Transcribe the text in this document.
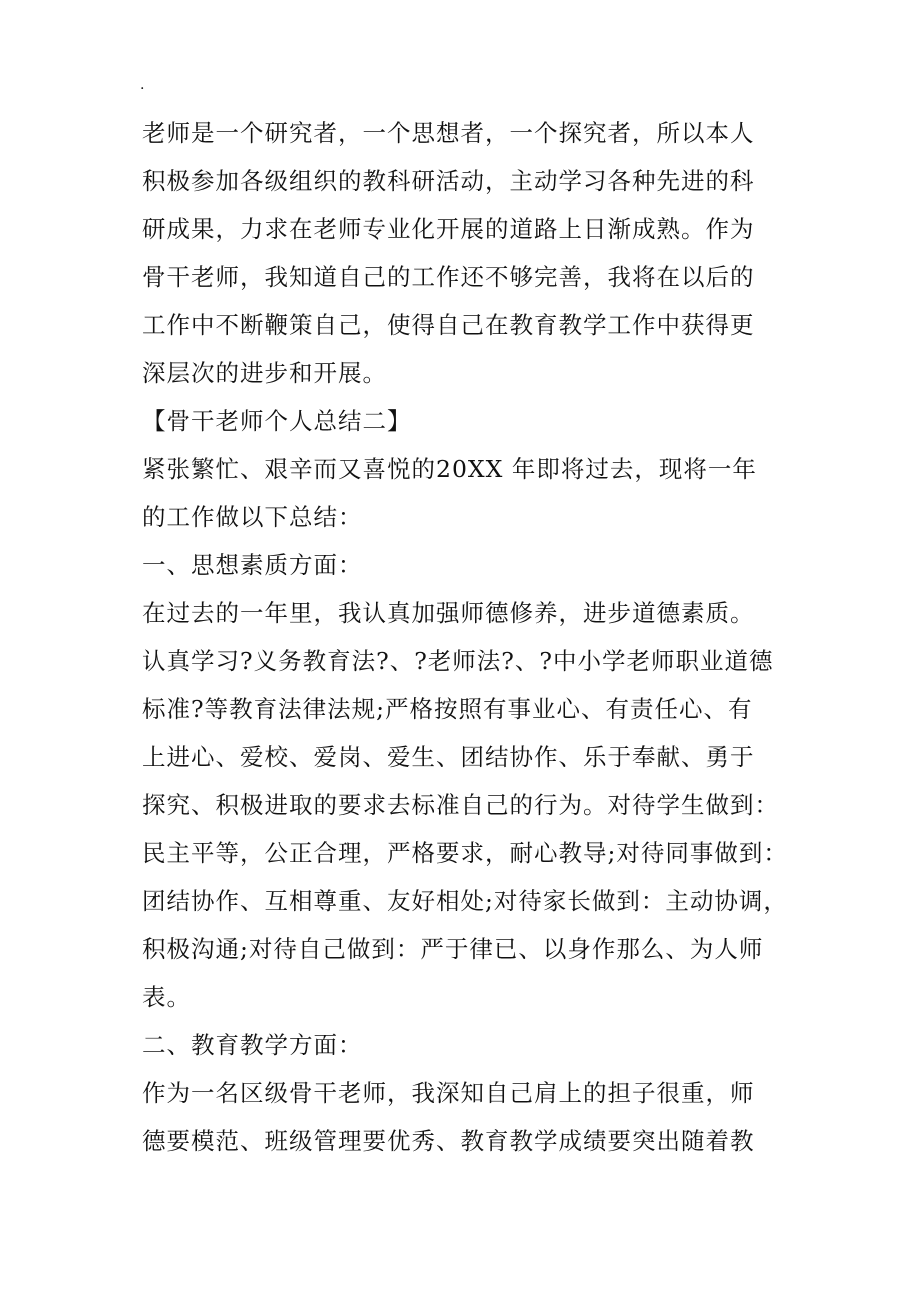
.
老师是一个研究者，一个思想者，一个探究者，所以本人
积极参加各级组织的教科研活动，主动学习各种先进的科
研成果，力求在老师专业化开展的道路上日渐成熟。作为
骨干老师，我知道自己的工作还不够完善，我将在以后的
工作中不断鞭策自己，使得自己在教育教学工作中获得更
深层次的进步和开展。
【骨干老师个人总结二】
紧张繁忙、艰辛而又喜悦的20XX 年即将过去，现将一年
的工作做以下总结：
一、思想素质方面：
在过去的一年里，我认真加强师德修养，进步道德素质。
认真学习?义务教育法?、?老师法?、?中小学老师职业道德
标准?等教育法律法规;严格按照有事业心、有责任心、有
上进心、爱校、爱岗、爱生、团结协作、乐于奉献、勇于
探究、积极进取的要求去标准自己的行为。对待学生做到：
民主平等，公正合理，严格要求，耐心教导;对待同事做到：
团结协作、互相尊重、友好相处;对待家长做到：主动协调，
积极沟通;对待自己做到：严于律已、以身作那么、为人师
表。
二、教育教学方面：
作为一名区级骨干老师，我深知自己肩上的担子很重，师
德要模范、班级管理要优秀、教育教学成绩要突出随着教
